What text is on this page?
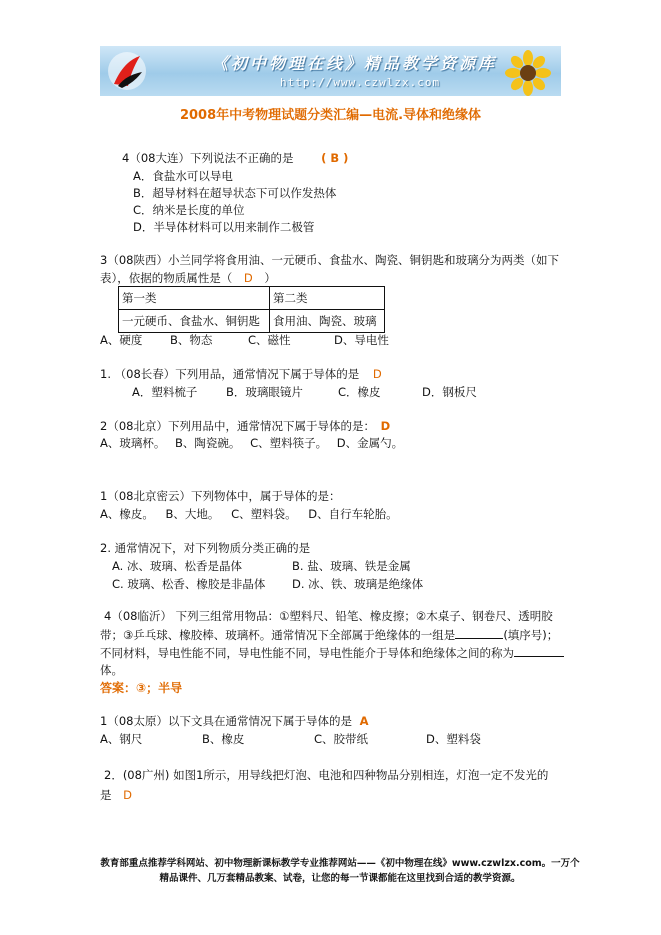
《初中物理在线》精品教学资源库
http://www.czwlzx.com
2008年中考物理试题分类汇编—电流.导体和绝缘体
4（08大连）下列说法不正确的是 ( B )
A．食盐水可以导电
B．超导材料在超导状态下可以作发热体
C．纳米是长度的单位
D．半导体材料可以用来制作二极管
3（08陕西）小兰同学将食用油、一元硬币、食盐水、陶瓷、铜钥匙和玻璃分为两类（如下
表），依据的物质属性是（ D ）
第一类	第二类
一元硬币、食盐水、铜钥匙	食用油、陶瓷、玻璃
A、硬度 B、物态	C、磁性	D、导电性
1. （08长春）下列用品，通常情况下属于导体的是 D
A．塑料梳子 B．玻璃眼镜片	C．橡皮	D．钢板尺
2（08北京）下列用品中，通常情况下属于导体的是： D
A、玻璃杯。 B、陶瓷碗。 C、塑料筷子。 D、金属勺。
1（08北京密云）下列物体中，属于导体的是：
A、橡皮。 B、大地。 C、塑料袋。 D、自行车轮胎。
2. 通常情况下，对下列物质分类正确的是
A. 冰、玻璃、松香是晶体	B. 盐、玻璃、铁是金属
C. 玻璃、松香、橡胶是非晶体 D. 冰、铁、玻璃是绝缘体
4（08临沂） 下列三组常用物品：①塑料尺、铅笔、橡皮擦；②木桌子、钢卷尺、透明胶
带；③乒乓球、橡胶棒、玻璃杯。通常情况下全部属于绝缘体的一组是	(填序号)；
不同材料，导电性能不同，导电性能不同，导电性能介于导体和绝缘体之间的称为
体。
答案：③；半导
1（08太原）以下文具在通常情况下属于导体的是 A
A、钢尺	B、橡皮	C、胶带纸	D、塑料袋
2．(08广州) 如图1所示，用导线把灯泡、电池和四种物品分别相连，灯泡一定不发光的
是 D
教育部重点推荐学科网站、初中物理新课标教学专业推荐网站——《初中物理在线》www.czwlzx.com。一万个
精品课件、几万套精品教案、试卷，让您的每一节课都能在这里找到合适的教学资源。
